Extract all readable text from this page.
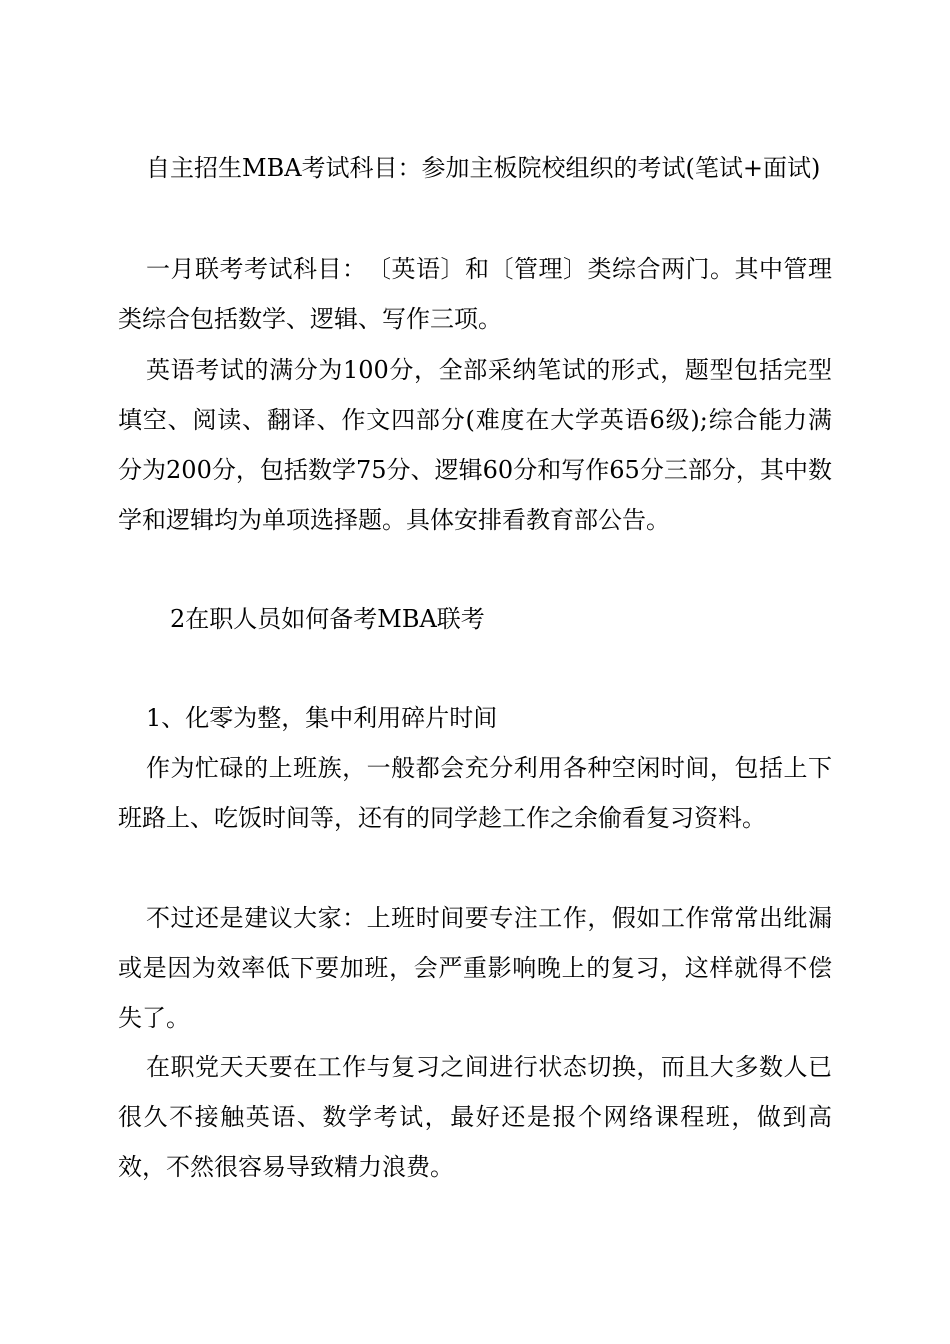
自主招生MBA考试科目：参加主板院校组织的考试(笔试+面试)

一月联考考试科目：　〔英语〕和〔管理〕类综合两门。其中管理类综合包括数学、逻辑、写作三项。

英语考试的满分为100分，全部采纳笔试的形式，题型包括完型填空、阅读、翻译、作文四部分(难度在大学英语6级);综合能力满分为200分，包括数学75分、逻辑60分和写作65分三部分，其中数学和逻辑均为单项选择题。具体安排看教育部公告。

2在职人员如何备考MBA联考

1、化零为整，集中利用碎片时间

作为忙碌的上班族，一般都会充分利用各种空闲时间，包括上下班路上、吃饭时间等，还有的同学趁工作之余偷看复习资料。

不过还是建议大家：上班时间要专注工作，假如工作常常出纰漏或是因为效率低下要加班，会严重影响晚上的复习，这样就得不偿失了。

在职党天天要在工作与复习之间进行状态切换，而且大多数人已很久不接触英语、数学考试，最好还是报个网络课程班，做到高效，不然很容易导致精力浪费。
